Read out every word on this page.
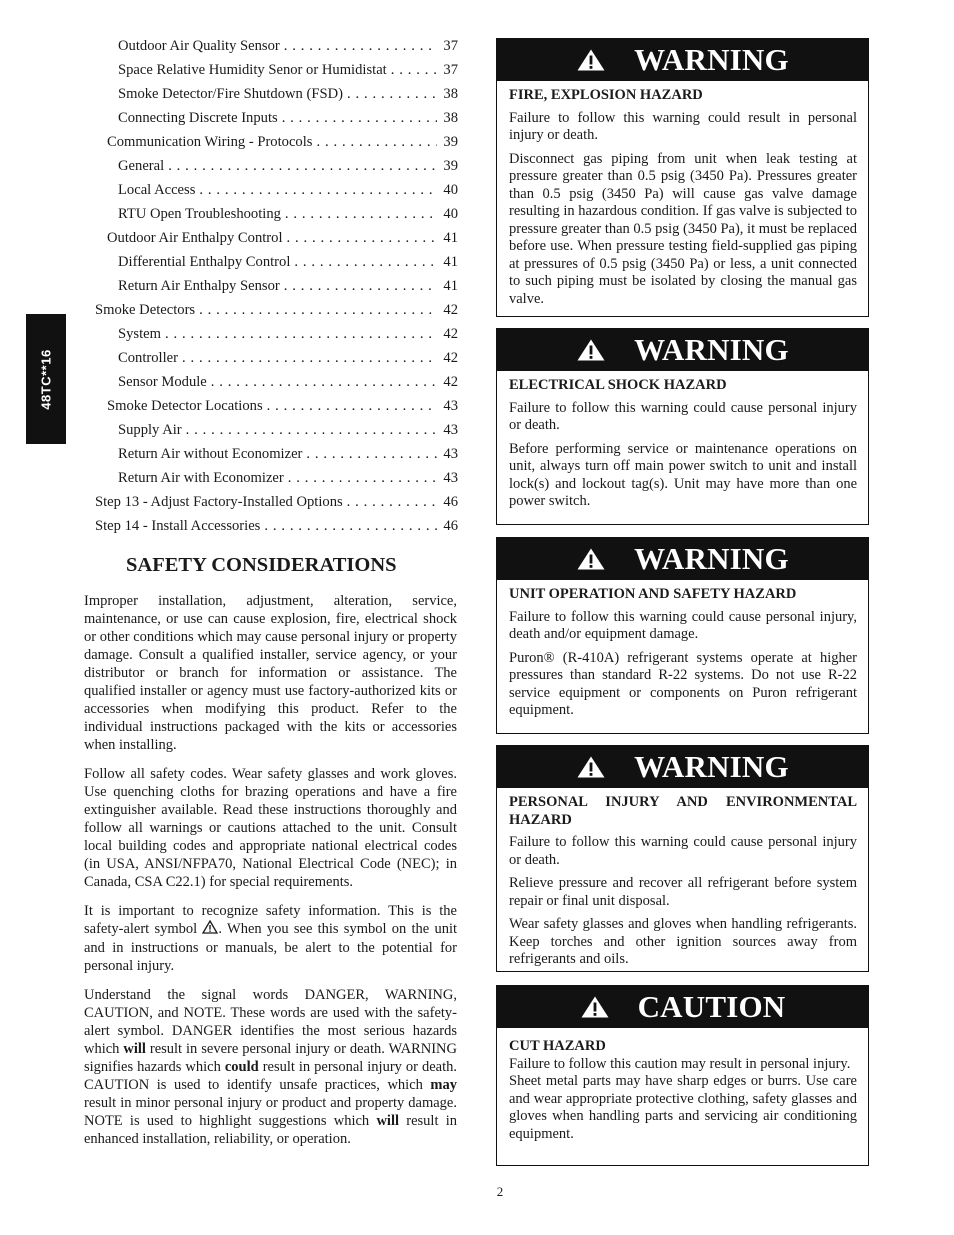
48TC**16
Outdoor Air Quality Sensor . . .	37
Space Relative Humidity Senor or Humidistat . . .	37
Smoke Detector/Fire Shutdown (FSD) . . .	38
Connecting Discrete Inputs . . .	38
Communication Wiring - Protocols . . .	39
General . . .	39
Local Access . . .	40
RTU Open Troubleshooting . . .	40
Outdoor Air Enthalpy Control . . .	41
Differential Enthalpy Control . . .	41
Return Air Enthalpy Sensor . . .	41
Smoke Detectors . . .	42
System . . .	42
Controller . . .	42
Sensor Module . . .	42
Smoke Detector Locations . . .	43
Supply Air . . .	43
Return Air without Economizer . . .	43
Return Air with Economizer . . .	43
Step 13 - Adjust Factory-Installed Options . . .	46
Step 14 - Install Accessories . . .	46
SAFETY CONSIDERATIONS

Improper installation, adjustment, alteration, service, maintenance, or use can cause explosion, fire, electrical shock or other conditions which may cause personal injury or property damage. Consult a qualified installer, service agency, or your distributor or branch for information or assistance. The qualified installer or agency must use factory-authorized kits or accessories when modifying this product. Refer to the individual instructions packaged with the kits or accessories when installing.

Follow all safety codes. Wear safety glasses and work gloves. Use quenching cloths for brazing operations and have a fire extinguisher available. Read these instructions thoroughly and follow all warnings or cautions attached to the unit. Consult local building codes and appropriate national electrical codes (in USA, ANSI/NFPA70, National Electrical Code (NEC); in Canada, CSA C22.1) for special requirements.

It is important to recognize safety information. This is the safety-alert symbol . When you see this symbol on the unit and in instructions or manuals, be alert to the potential for personal injury.

Understand the signal words DANGER, WARNING, CAUTION, and NOTE. These words are used with the safety-alert symbol. DANGER identifies the most serious hazards which will result in severe personal injury or death. WARNING signifies hazards which could result in personal injury or death. CAUTION is used to identify unsafe practices, which may result in minor personal injury or product and property damage. NOTE is used to highlight suggestions which will result in enhanced installation, reliability, or operation.

WARNING
FIRE, EXPLOSION HAZARD

Failure to follow this warning could result in personal injury or death.

Disconnect gas piping from unit when leak testing at pressure greater than 0.5 psig (3450 Pa). Pressures greater than 0.5 psig (3450 Pa) will cause gas valve damage resulting in hazardous condition. If gas valve is subjected to pressure greater than 0.5 psig (3450 Pa), it must be replaced before use. When pressure testing field-supplied gas piping at pressures of 0.5 psig (3450 Pa) or less, a unit connected to such piping must be isolated by closing the manual gas valve.

WARNING
ELECTRICAL SHOCK HAZARD

Failure to follow this warning could cause personal injury or death.

Before performing service or maintenance operations on unit, always turn off main power switch to unit and install lock(s) and lockout tag(s). Unit may have more than one power switch.

WARNING
UNIT OPERATION AND SAFETY HAZARD

Failure to follow this warning could cause personal injury, death and/or equipment damage.

Puron® (R-410A) refrigerant systems operate at higher pressures than standard R-22 systems. Do not use R-22 service equipment or components on Puron refrigerant equipment.

WARNING
PERSONAL INJURY AND ENVIRONMENTAL HAZARD

Failure to follow this warning could cause personal injury or death.

Relieve pressure and recover all refrigerant before system repair or final unit disposal.

Wear safety glasses and gloves when handling refrigerants. Keep torches and other ignition sources away from refrigerants and oils.

CAUTION
CUT HAZARD

Failure to follow this caution may result in personal injury.

Sheet metal parts may have sharp edges or burrs. Use care and wear appropriate protective clothing, safety glasses and gloves when handling parts and servicing air conditioning equipment.

2
